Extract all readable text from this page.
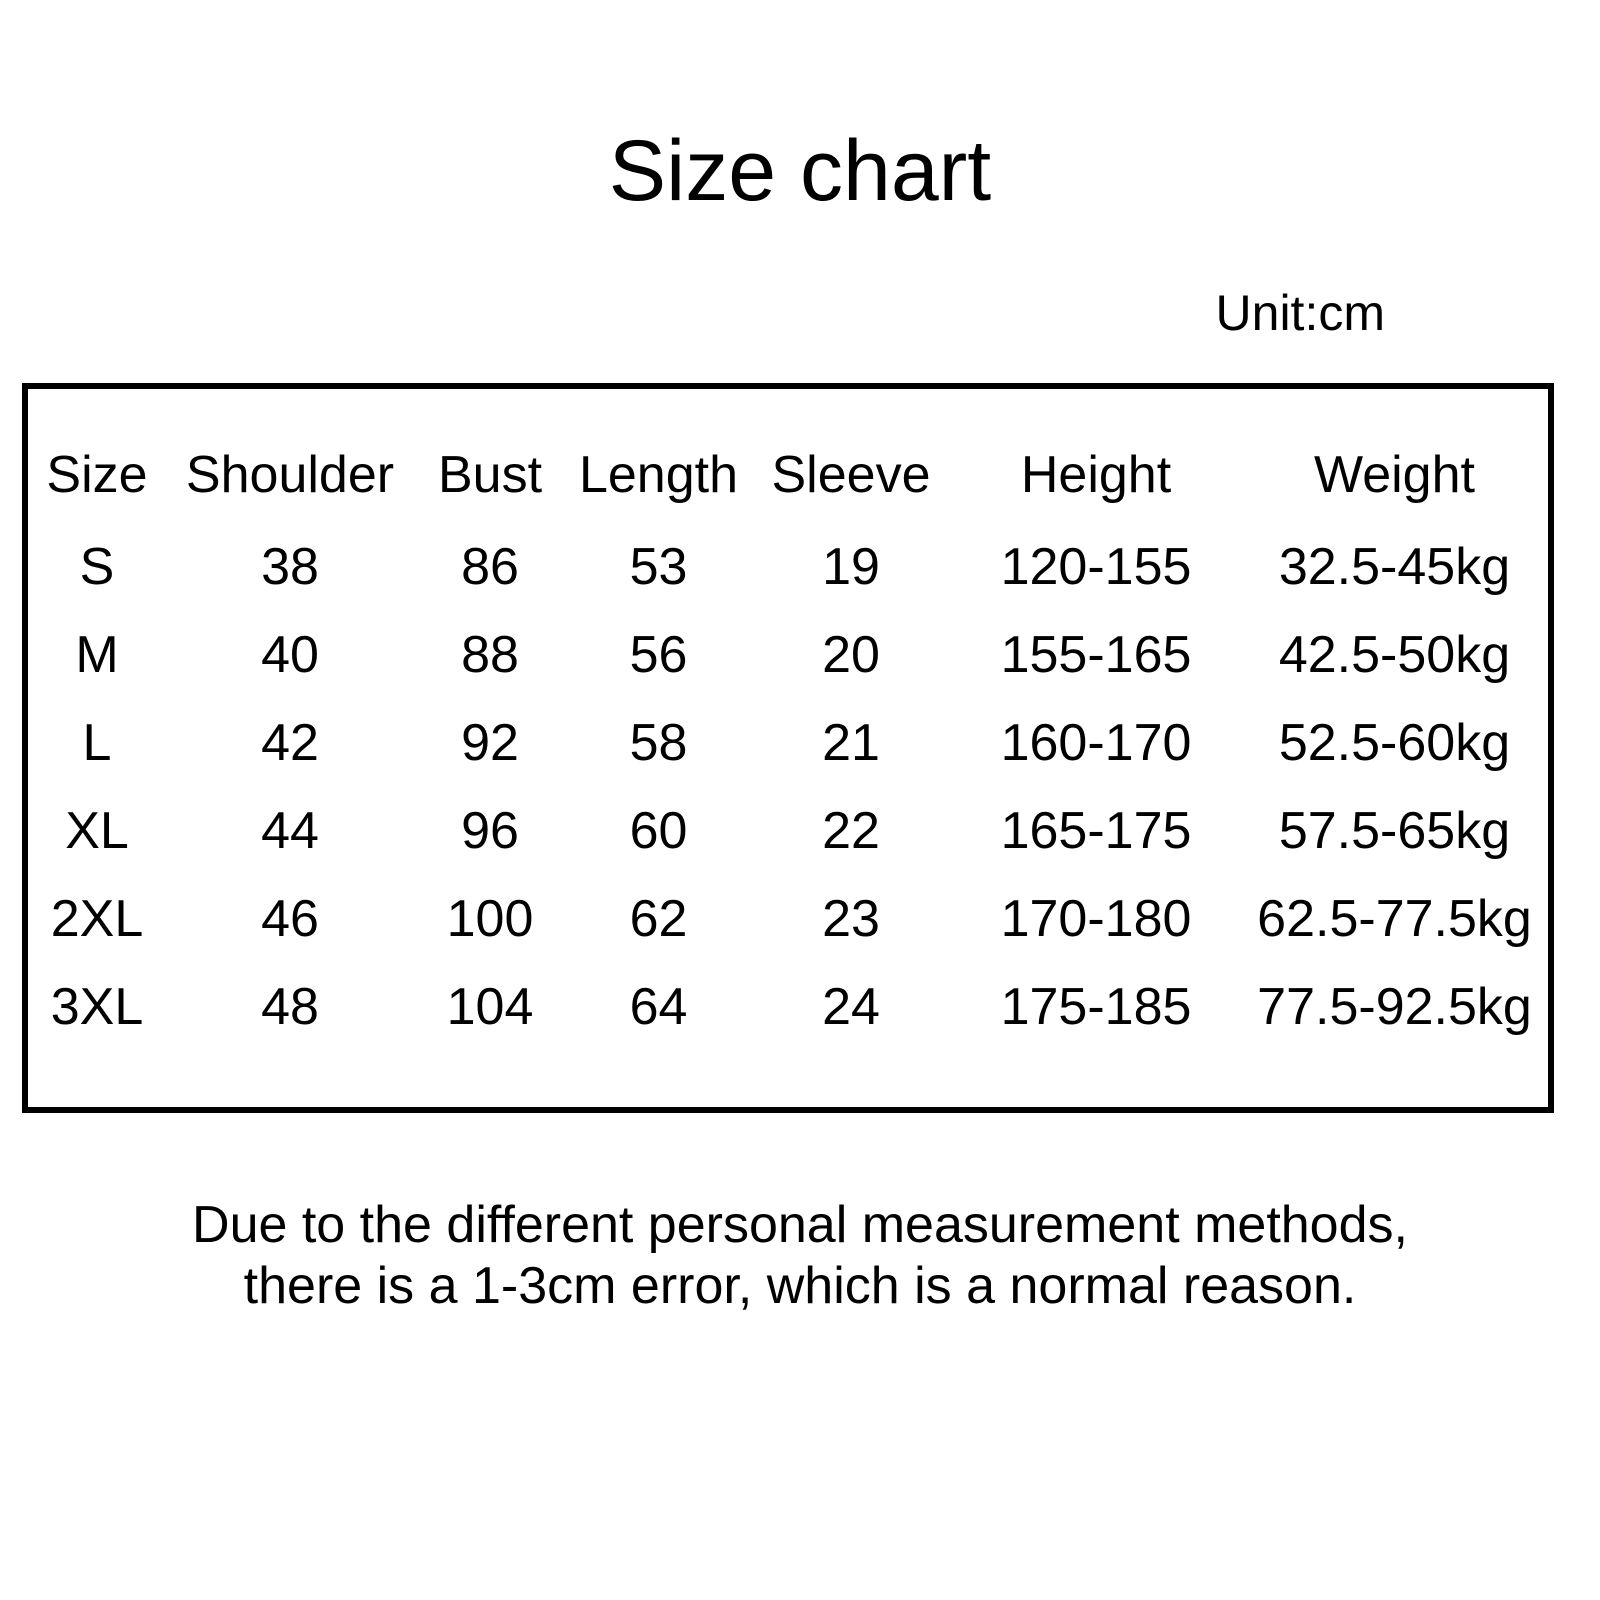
Size chart
Unit:cm
Size	Shoulder	Bust	Length	Sleeve	Height	Weight
S	38	86	53	19	120-155	32.5-45kg
M	40	88	56	20	155-165	42.5-50kg
L	42	92	58	21	160-170	52.5-60kg
XL	44	96	60	22	165-175	57.5-65kg
2XL	46	100	62	23	170-180	62.5-77.5kg
3XL	48	104	64	24	175-185	77.5-92.5kg
Due to the different personal measurement methods,
there is a 1-3cm error, which is a normal reason.
